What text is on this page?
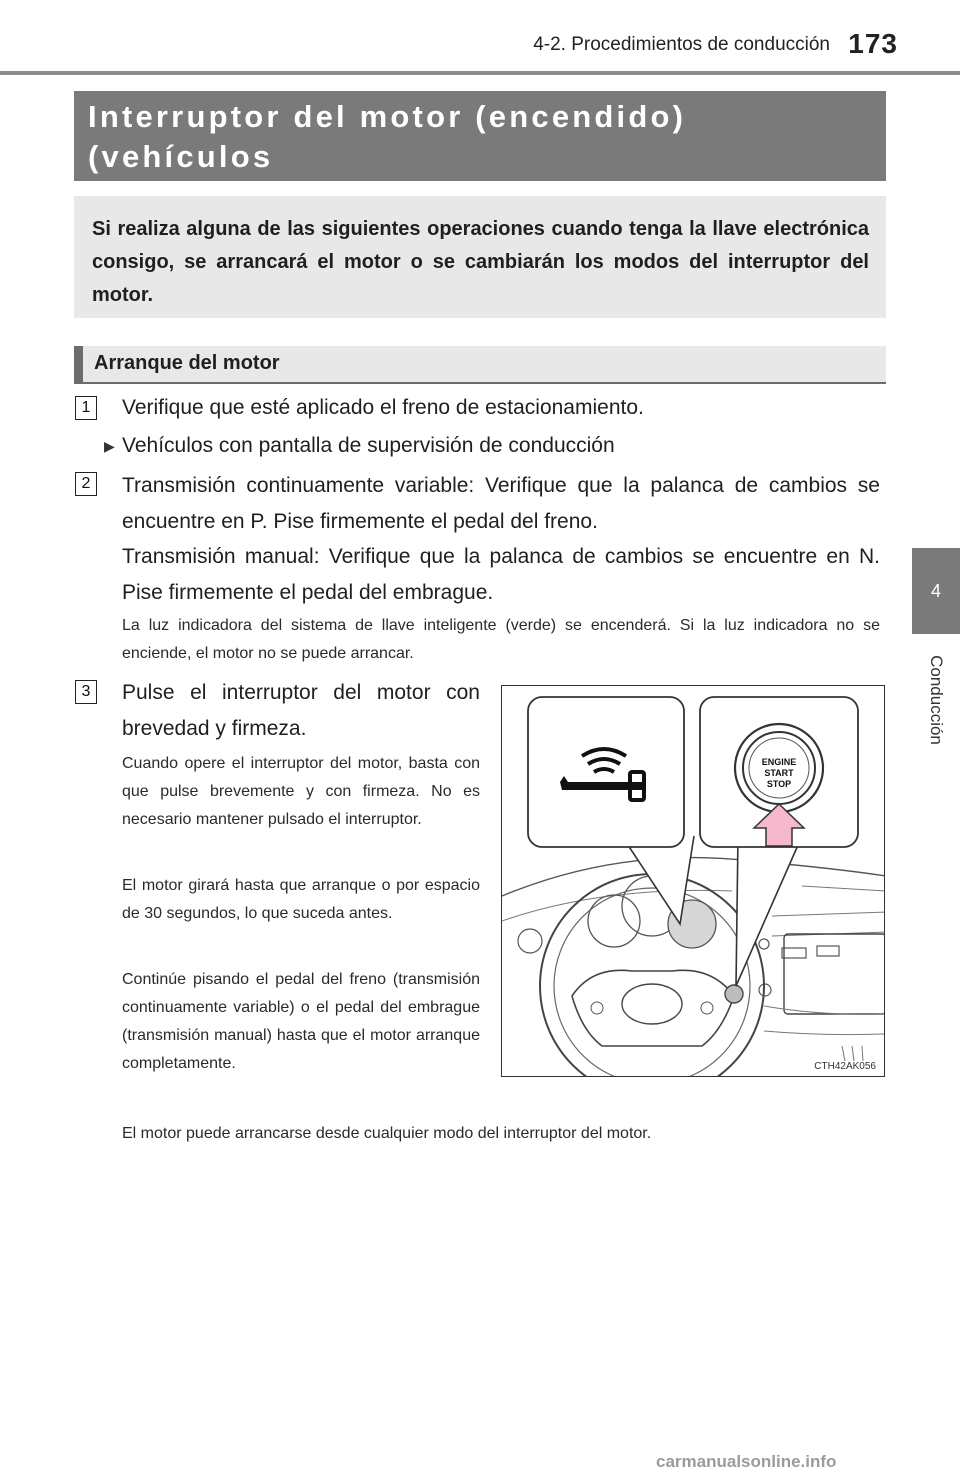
4-2. Procedimientos de conducción 173
4
Conducción
Interruptor del motor (encendido) (vehículos
Si realiza alguna de las siguientes operaciones cuando tenga la llave electrónica consigo, se arrancará el motor o se cambiarán los modos del interruptor del motor.
Arranque del motor
1	Verifique que esté aplicado el freno de estacionamiento.
▶ Vehículos con pantalla de supervisión de conducción
2	Transmisión continuamente variable: Verifique que la palanca de cambios se encuentre en P. Pise firmemente el pedal del freno.
Transmisión manual: Verifique que la palanca de cambios se encuentre en N. Pise firmemente el pedal del embrague.
La luz indicadora del sistema de llave inteligente (verde) se encenderá. Si la luz indicadora no se enciende, el motor no se puede arrancar.
3	Pulse el interruptor del motor con brevedad y firmeza.
Cuando opere el interruptor del motor, basta con que pulse brevemente y con firmeza. No es necesario mantener pulsado el interruptor.
El motor girará hasta que arranque o por espacio de 30 segundos, lo que suceda antes.
Continúe pisando el pedal del freno (transmisión continuamente variable) o el pedal del embrague (transmisión manual) hasta que el motor arranque completamente.
El motor puede arrancarse desde cualquier modo del interruptor del motor.
ENGINE
START
STOP
CTH42AK056
carmanualsonline.info
